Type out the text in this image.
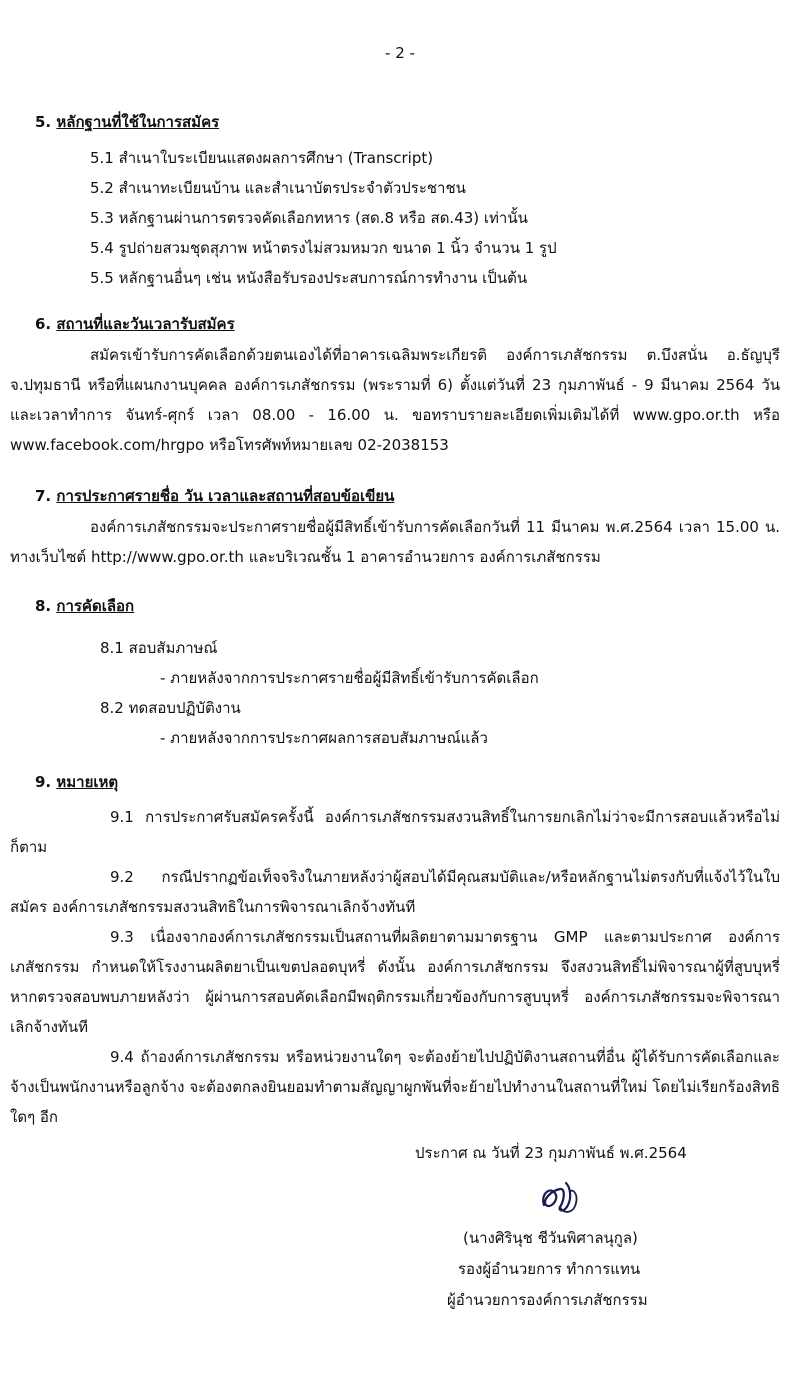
- 2 -
5. หลักฐานที่ใช้ในการสมัคร
5.1 สำเนาใบระเบียนแสดงผลการศึกษา (Transcript)
5.2 สำเนาทะเบียนบ้าน และสำเนาบัตรประจำตัวประชาชน
5.3 หลักฐานผ่านการตรวจคัดเลือกทหาร (สด.8 หรือ สด.43) เท่านั้น
5.4 รูปถ่ายสวมชุดสุภาพ หน้าตรงไม่สวมหมวก ขนาด 1 นิ้ว จำนวน 1 รูป
5.5 หลักฐานอื่นๆ เช่น หนังสือรับรองประสบการณ์การทำงาน เป็นต้น
6. สถานที่และวันเวลารับสมัคร
สมัครเข้ารับการคัดเลือกด้วยตนเองได้ที่อาคารเฉลิมพระเกียรติ องค์การเภสัชกรรม ต.บึงสนั่น อ.ธัญบุรี จ.ปทุมธานี หรือที่แผนกงานบุคคล องค์การเภสัชกรรม (พระรามที่ 6) ตั้งแต่วันที่ 23 กุมภาพันธ์ - 9 มีนาคม 2564 วันและเวลาทำการ จันทร์-ศุกร์ เวลา 08.00 - 16.00 น. ขอทราบรายละเอียดเพิ่มเติมได้ที่ www.gpo.or.th หรือ www.facebook.com/hrgpo หรือโทรศัพท์หมายเลข 02-2038153
7. การประกาศรายชื่อ วัน เวลาและสถานที่สอบข้อเขียน
องค์การเภสัชกรรมจะประกาศรายชื่อผู้มีสิทธิ์เข้ารับการคัดเลือกวันที่ 11 มีนาคม พ.ศ.2564 เวลา 15.00 น. ทางเว็บไซต์ http://www.gpo.or.th และบริเวณชั้น 1 อาคารอำนวยการ องค์การเภสัชกรรม
8. การคัดเลือก
8.1 สอบสัมภาษณ์
- ภายหลังจากการประกาศรายชื่อผู้มีสิทธิ์เข้ารับการคัดเลือก
8.2 ทดสอบปฏิบัติงาน
- ภายหลังจากการประกาศผลการสอบสัมภาษณ์แล้ว
9. หมายเหตุ
9.1 การประกาศรับสมัครครั้งนี้ องค์การเภสัชกรรมสงวนสิทธิ์ในการยกเลิกไม่ว่าจะมีการสอบแล้วหรือไม่ก็ตาม
9.2 กรณีปรากฏข้อเท็จจริงในภายหลังว่าผู้สอบได้มีคุณสมบัติและ/หรือหลักฐานไม่ตรงกับที่แจ้งไว้ในใบสมัคร องค์การเภสัชกรรมสงวนสิทธิในการพิจารณาเลิกจ้างทันที
9.3 เนื่องจากองค์การเภสัชกรรมเป็นสถานที่ผลิตยาตามมาตรฐาน GMP และตามประกาศ องค์การเภสัชกรรม กำหนดให้โรงงานผลิตยาเป็นเขตปลอดบุหรี่ ดังนั้น องค์การเภสัชกรรม จึงสงวนสิทธิ์ไม่พิจารณาผู้ที่สูบบุหรี่ หากตรวจสอบพบภายหลังว่า ผู้ผ่านการสอบคัดเลือกมีพฤติกรรมเกี่ยวข้องกับการสูบบุหรี่ องค์การเภสัชกรรมจะพิจารณาเลิกจ้างทันที
9.4 ถ้าองค์การเภสัชกรรม หรือหน่วยงานใดๆ จะต้องย้ายไปปฏิบัติงานสถานที่อื่น ผู้ได้รับการคัดเลือกและจ้างเป็นพนักงานหรือลูกจ้าง จะต้องตกลงยินยอมทำตามสัญญาผูกพันที่จะย้ายไปทำงานในสถานที่ใหม่ โดยไม่เรียกร้องสิทธิใดๆ อีก
ประกาศ ณ วันที่ 23 กุมภาพันธ์ พ.ศ.2564
(นางศิรินุช ชีวันพิศาลนุกูล)
รองผู้อำนวยการ ทำการแทน
ผู้อำนวยการองค์การเภสัชกรรม
